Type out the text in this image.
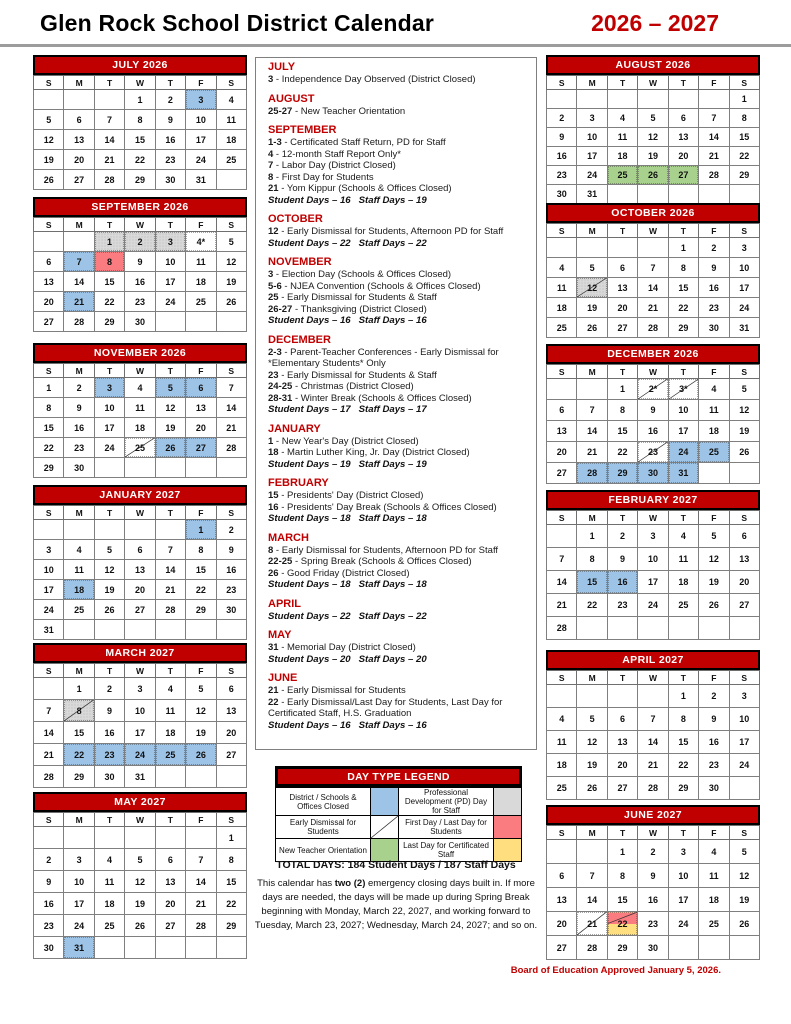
Glen Rock School District Calendar	2026 – 2027
JULY
3 - Independence Day Observed (District Closed)
AUGUST
25-27 - New Teacher Orientation
SEPTEMBER
1-3 - Certificated Staff Return, PD for Staff
4 - 12-month Staff Report Only*
7 - Labor Day (District Closed)
8 - First Day for Students
21 - Yom Kippur (Schools & Offices Closed)
Student Days – 16   Staff Days – 19
OCTOBER
12 - Early Dismissal for Students, Afternoon PD for Staff
Student Days – 22   Staff Days – 22
NOVEMBER
3 - Election Day (Schools & Offices Closed)
5-6 - NJEA Convention (Schools & Offices Closed)
25 - Early Dismissal for Students & Staff
26-27 - Thanksgiving (District Closed)
Student Days – 16   Staff Days – 16
DECEMBER
2-3 - Parent-Teacher Conferences - Early Dismissal for *Elementary Students* Only
23 - Early Dismissal for Students & Staff
24-25 - Christmas (District Closed)
28-31 - Winter Break (Schools & Offices Closed)
Student Days – 17   Staff Days – 17
JANUARY
1 - New Year's Day (District Closed)
18 - Martin Luther King, Jr. Day (District Closed)
Student Days – 19   Staff Days – 19
FEBRUARY
15 - Presidents' Day (District Closed)
16 - Presidents' Day Break (Schools & Offices Closed)
Student Days – 18   Staff Days – 18
MARCH
8 - Early Dismissal for Students, Afternoon PD for Staff
22-25 - Spring Break (Schools & Offices Closed)
26 - Good Friday (District Closed)
Student Days – 18   Staff Days – 18
APRIL
Student Days – 22   Staff Days – 22
MAY
31 - Memorial Day (District Closed)
Student Days – 20   Staff Days – 20
JUNE
21 - Early Dismissal for Students
22 - Early Dismissal/Last Day for Students, Last Day for Certificated Staff, H.S. Graduation
Student Days – 16   Staff Days – 16
DAY TYPE LEGEND
District / Schools & Offices Closed		Professional Development (PD) Day for Staff	
Early Dismissal for Students		First Day / Last Day for Students	
New Teacher Orientation		Last Day for Certificated Staff	
TOTAL DAYS: 184 Student Days / 187 Staff Days

This calendar has two (2) emergency closing days built in. If more days are needed, the days will be made up during Spring Break beginning with Monday, March 22, 2027, and working forward to Tuesday, March 23, 2027; Wednesday, March 24, 2027; and so on.

Board of Education Approved January 5, 2026.
JULY 2026
S	M	T	W	T	F	S
			1	2	3	4
5	6	7	8	9	10	11
12	13	14	15	16	17	18
19	20	21	22	23	24	25
26	27	28	29	30	31	
SEPTEMBER 2026
S	M	T	W	T	F	S
		1	2	3	4*	5
6	7	8	9	10	11	12
13	14	15	16	17	18	19
20	21	22	23	24	25	26
27	28	29	30			
NOVEMBER 2026
S	M	T	W	T	F	S
1	2	3	4	5	6	7
8	9	10	11	12	13	14
15	16	17	18	19	20	21
22	23	24	25	26	27	28
29	30					
JANUARY 2027
S	M	T	W	T	F	S
					1	2
3	4	5	6	7	8	9
10	11	12	13	14	15	16
17	18	19	20	21	22	23
24	25	26	27	28	29	30
31						
MARCH 2027
S	M	T	W	T	F	S
	1	2	3	4	5	6
7	8	9	10	11	12	13
14	15	16	17	18	19	20
21	22	23	24	25	26	27
28	29	30	31			
MAY 2027
S	M	T	W	T	F	S
						1
2	3	4	5	6	7	8
9	10	11	12	13	14	15
16	17	18	19	20	21	22
23	24	25	26	27	28	29
30	31					
AUGUST 2026
S	M	T	W	T	F	S
						1
2	3	4	5	6	7	8
9	10	11	12	13	14	15
16	17	18	19	20	21	22
23	24	25	26	27	28	29
30	31					
OCTOBER 2026
S	M	T	W	T	F	S
				1	2	3
4	5	6	7	8	9	10
11	12	13	14	15	16	17
18	19	20	21	22	23	24
25	26	27	28	29	30	31
DECEMBER 2026
S	M	T	W	T	F	S
		1	2*	3*	4	5
6	7	8	9	10	11	12
13	14	15	16	17	18	19
20	21	22	23	24	25	26
27	28	29	30	31		
FEBRUARY 2027
S	M	T	W	T	F	S
	1	2	3	4	5	6
7	8	9	10	11	12	13
14	15	16	17	18	19	20
21	22	23	24	25	26	27
28						
APRIL 2027
S	M	T	W	T	F	S
				1	2	3
4	5	6	7	8	9	10
11	12	13	14	15	16	17
18	19	20	21	22	23	24
25	26	27	28	29	30	
JUNE 2027
S	M	T	W	T	F	S
		1	2	3	4	5
6	7	8	9	10	11	12
13	14	15	16	17	18	19
20	21	22	23	24	25	26
27	28	29	30			
